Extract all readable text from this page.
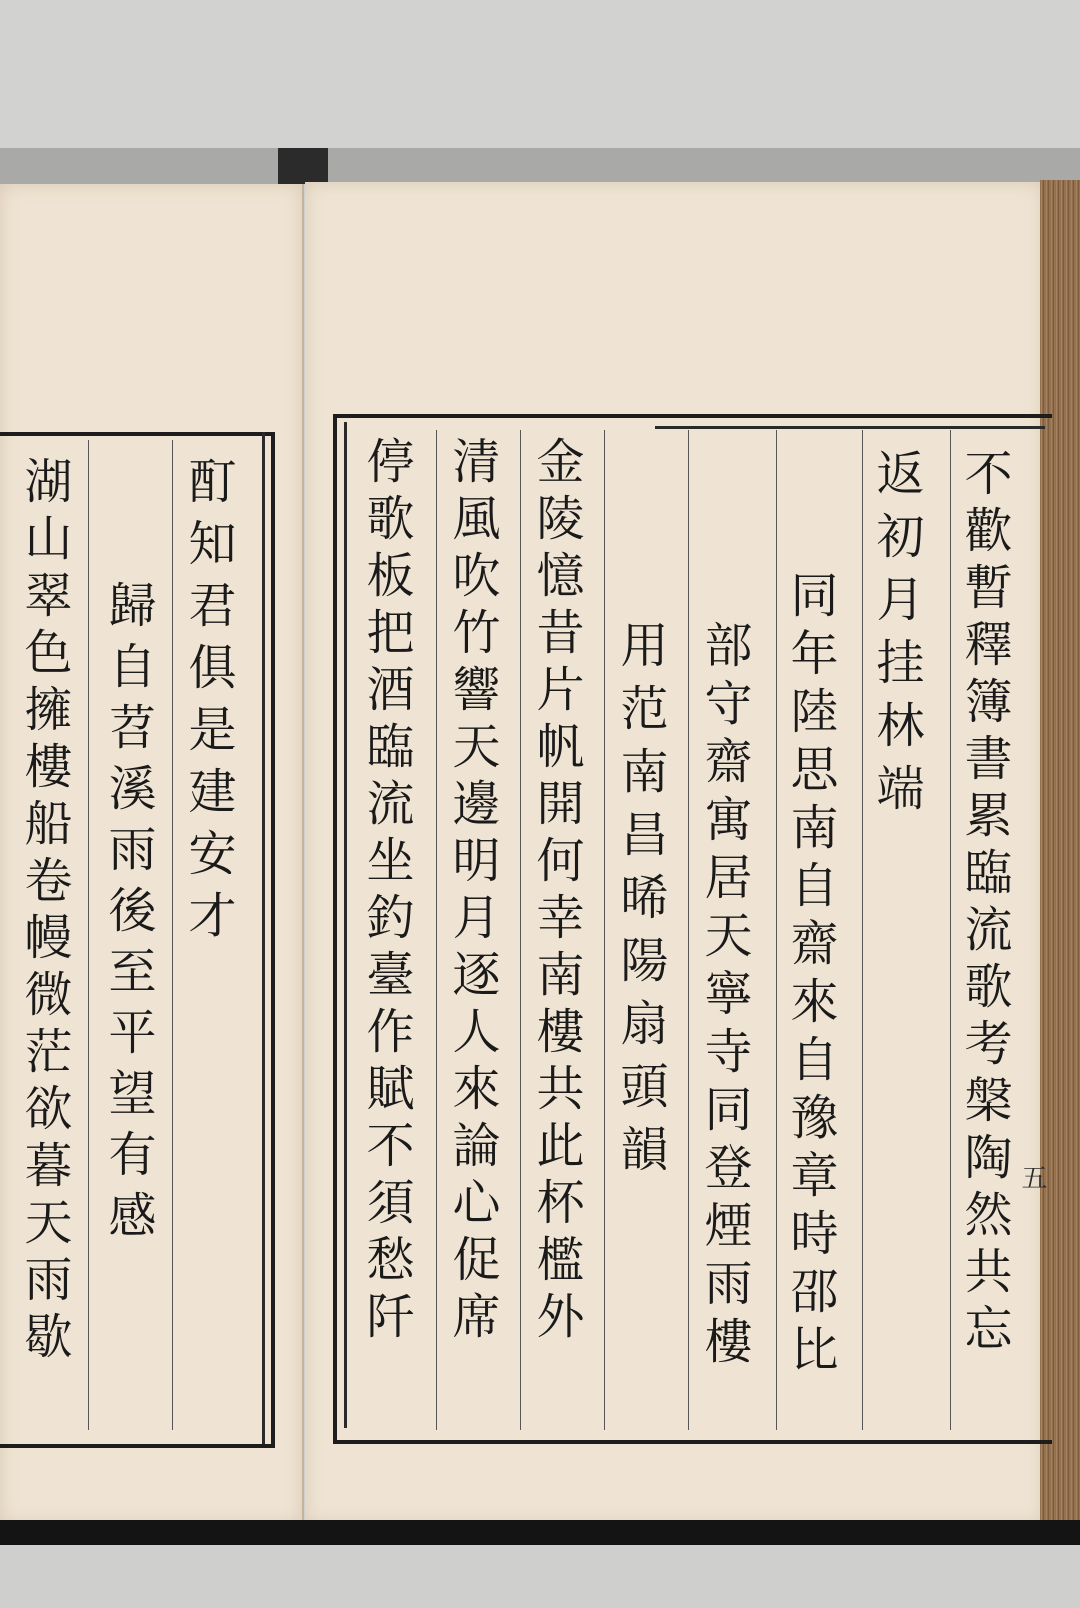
酊知君俱是建安才
歸自苕溪雨後至平望有感
湖山翠色擁樓船卷幔微茫欲暮天雨歇	不歡暫釋簿書累臨流歌考槃陶然共忘
返初月挂林端
同年陸思南自齋來自豫章時邵比
部守齋寓居天寧寺同登煙雨樓
用范南昌晞陽扇頭韻
金陵憶昔片帆開何幸南樓共此杯檻外
清風吹竹響天邊明月逐人來論心促席
停歌板把酒臨流坐釣臺作賦不須愁阡	五
